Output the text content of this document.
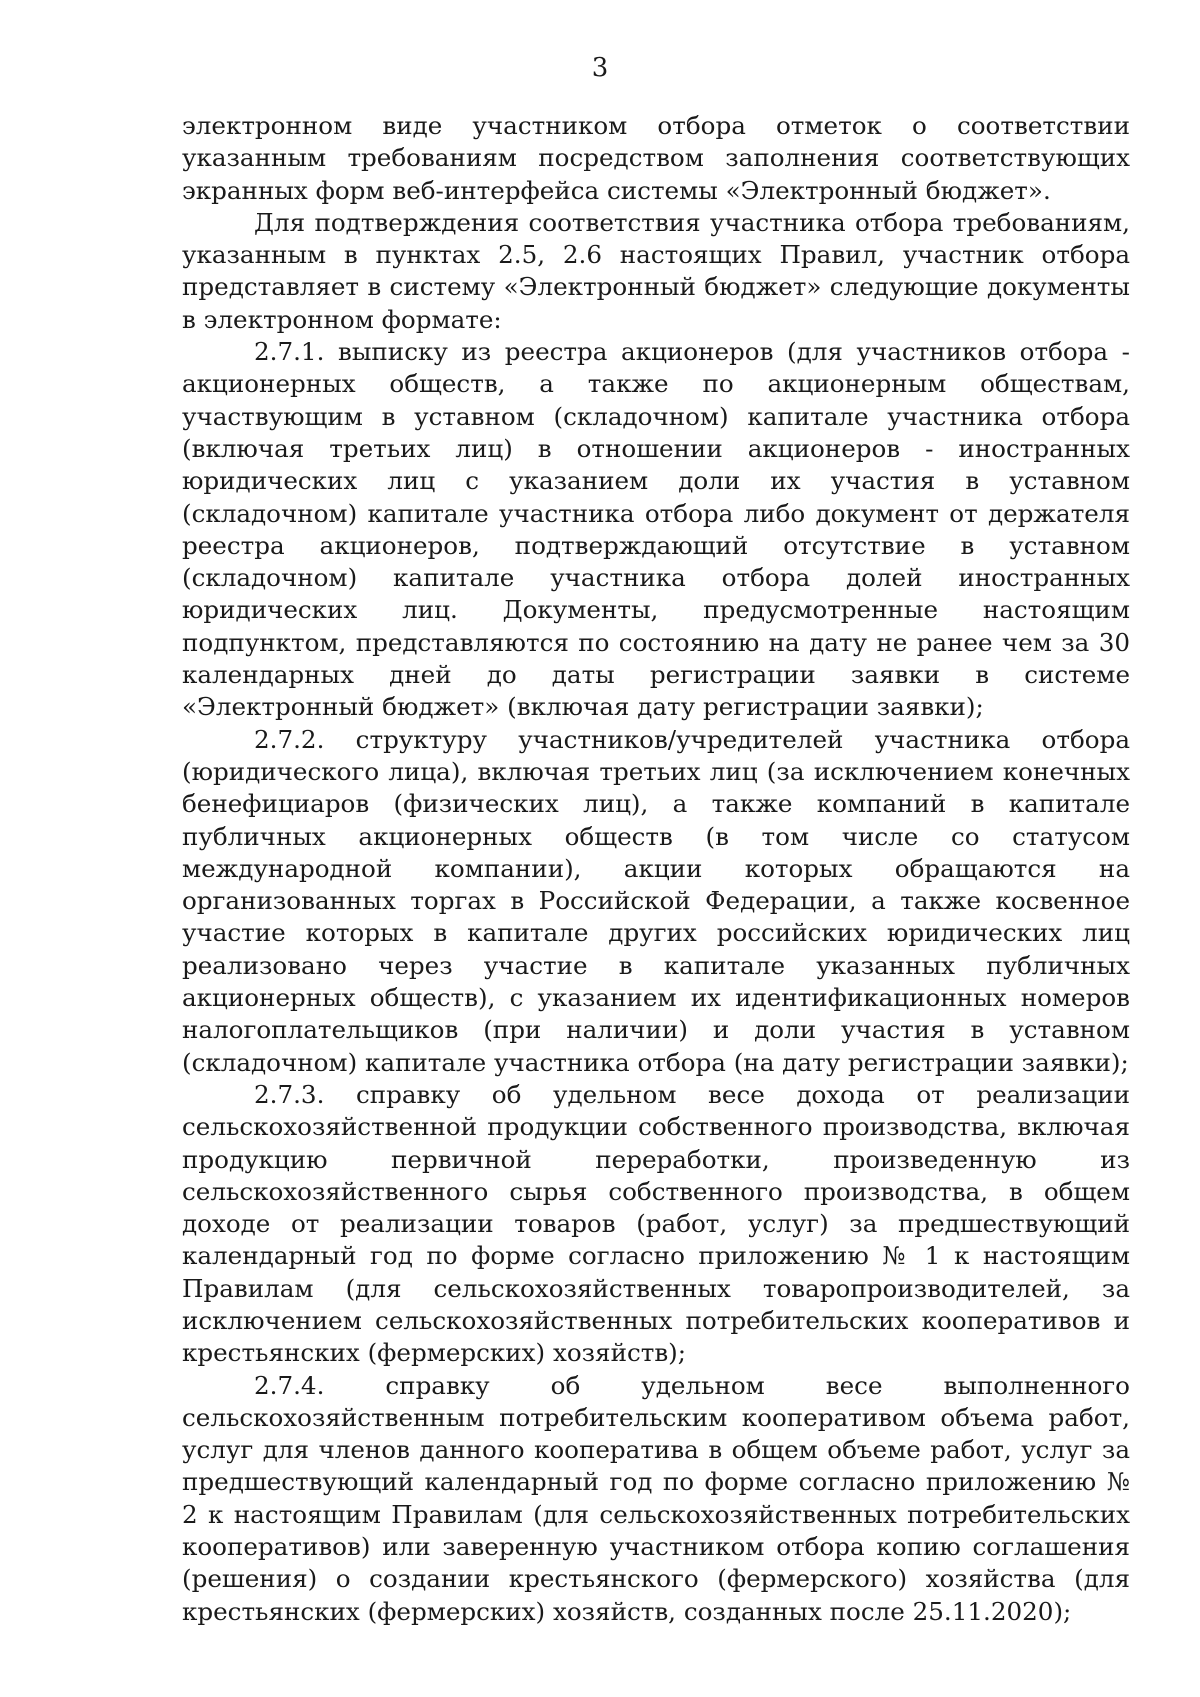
3

электронном виде участником отбора отметок о соответствии указанным требованиям посредством заполнения соответствующих экранных форм веб-интерфейса системы «Электронный бюджет».

Для подтверждения соответствия участника отбора требованиям, указанным в пунктах 2.5, 2.6 настоящих Правил, участник отбора представляет в систему «Электронный бюджет» следующие документы в электронном формате:

2.7.1. выписку из реестра акционеров (для участников отбора - акционерных обществ, а также по акционерным обществам, участвующим в уставном (складочном) капитале участника отбора (включая третьих лиц) в отношении акционеров - иностранных юридических лиц с указанием доли их участия в уставном (складочном) капитале участника отбора либо документ от держателя реестра акционеров, подтверждающий отсутствие в уставном (складочном) капитале участника отбора долей иностранных юридических лиц. Документы, предусмотренные настоящим подпунктом, представляются по состоянию на дату не ранее чем за 30 календарных дней до даты регистрации заявки в системе «Электронный бюджет» (включая дату регистрации заявки);

2.7.2. структуру участников/учредителей участника отбора (юридического лица), включая третьих лиц (за исключением конечных бенефициаров (физических лиц), а также компаний в капитале публичных акционерных обществ (в том числе со статусом международной компании), акции которых обращаются на организованных торгах в Российской Федерации, а также косвенное участие которых в капитале других российских юридических лиц реализовано через участие в капитале указанных публичных акционерных обществ), с указанием их идентификационных номеров налогоплательщиков (при наличии) и доли участия в уставном (складочном) капитале участника отбора (на дату регистрации заявки);

2.7.3. справку об удельном весе дохода от реализации сельскохозяйственной продукции собственного производства, включая продукцию первичной переработки, произведенную из сельскохозяйственного сырья собственного производства, в общем доходе от реализации товаров (работ, услуг) за предшествующий календарный год по форме согласно приложению № 1 к настоящим Правилам (для сельскохозяйственных товаропроизводителей, за исключением сельскохозяйственных потребительских кооперативов и крестьянских (фермерских) хозяйств);

2.7.4. справку об удельном весе выполненного сельскохозяйственным потребительским кооперативом объема работ, услуг для членов данного кооператива в общем объеме работ, услуг за предшествующий календарный год по форме согласно приложению № 2 к настоящим Правилам (для сельскохозяйственных потребительских кооперативов) или заверенную участником отбора копию соглашения (решения) о создании крестьянского (фермерского) хозяйства (для крестьянских (фермерских) хозяйств, созданных после 25.11.2020);
